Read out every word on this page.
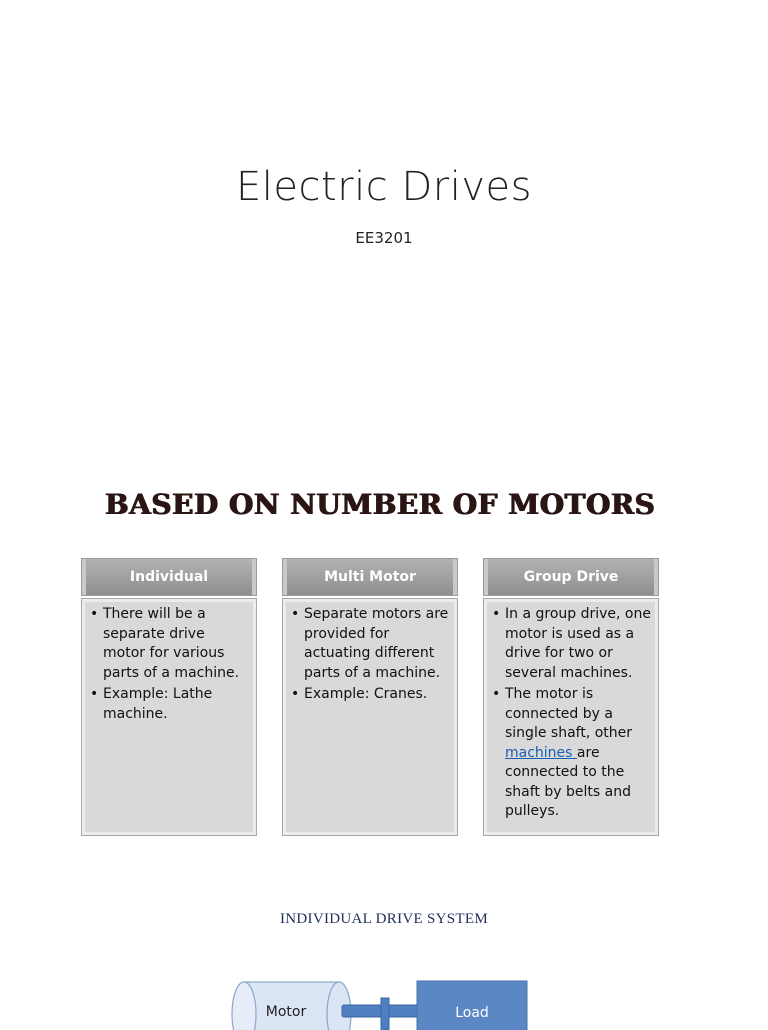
Electric Drives
EE3201
BASED ON NUMBER OF MOTORS
Individual
• There will be a separate drive motor for various parts of a machine.
• Example: Lathe machine.
Multi Motor
• Separate motors are provided for actuating different parts of a machine.
• Example: Cranes.
Group Drive
• In a group drive, one motor is used as a drive for two or several machines.
• The motor is connected by a single shaft, other machines are connected to the shaft by belts and pulleys.
INDIVIDUAL DRIVE SYSTEM
Motor	Load
